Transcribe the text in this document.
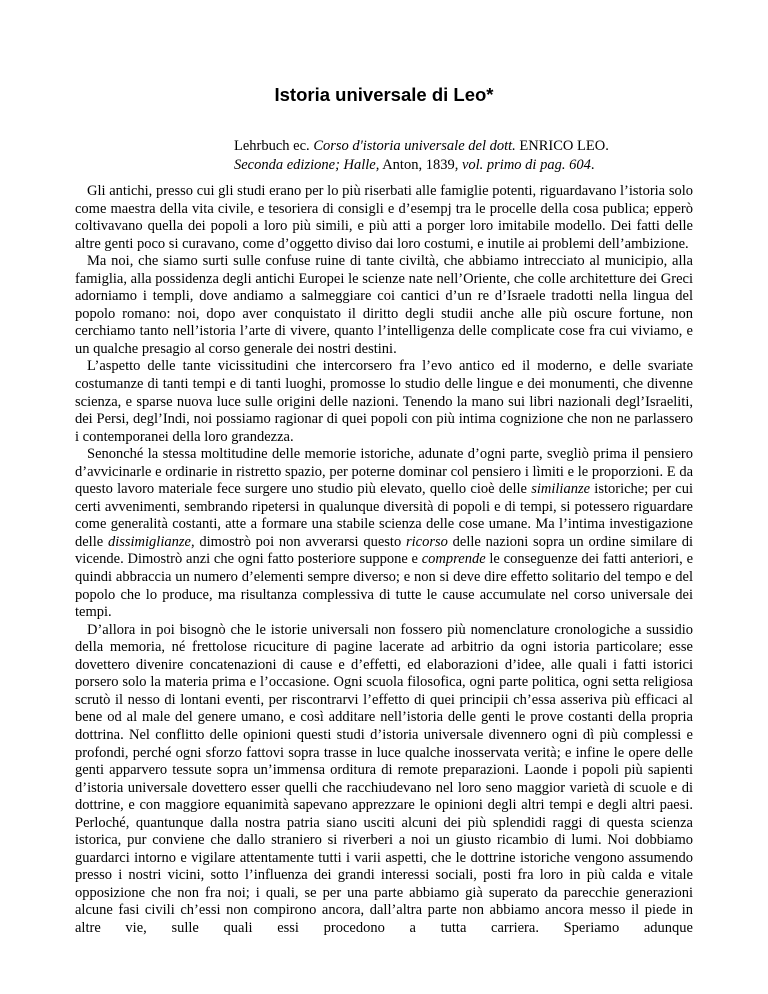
Istoria universale di Leo*
Lehrbuch ec. Corso d'istoria universale del dott. ENRICO LEO.
Seconda edizione; Halle, Anton, 1839, vol. primo di pag. 604.

Gli antichi, presso cui gli studi erano per lo più riserbati alle famiglie potenti, riguardavano l’istoria solo come maestra della vita civile, e tesoriera di consigli e d’esempj tra le procelle della cosa publica; epperò coltivavano quella dei popoli a loro più simili, e più atti a porger loro imitabile modello. Dei fatti delle altre genti poco si curavano, come d’oggetto diviso dai loro costumi, e inutile ai problemi dell’ambizione.

Ma noi, che siamo surti sulle confuse ruine di tante civiltà, che abbiamo intrecciato al municipio, alla famiglia, alla possidenza degli antichi Europei le scienze nate nell’Oriente, che colle architetture dei Greci adorniamo i templi, dove andiamo a salmeggiare coi cantici d’un re d’Israele tradotti nella lingua del popolo romano: noi, dopo aver conquistato il diritto degli studii anche alle più oscure fortune, non cerchiamo tanto nell’istoria l’arte di vivere, quanto l’intelligenza delle complicate cose fra cui viviamo, e un qualche presagio al corso generale dei nostri destini.

L’aspetto delle tante vicissitudini che intercorsero fra l’evo antico ed il moderno, e delle svariate costumanze di tanti tempi e di tanti luoghi, promosse lo studio delle lingue e dei monumenti, che divenne scienza, e sparse nuova luce sulle origini delle nazioni. Tenendo la mano sui libri nazionali degl’Israeliti, dei Persi, degl’Indi, noi possiamo ragionar di quei popoli con più intima cognizione che non ne parlassero i contemporanei della loro grandezza.

Senonché la stessa moltitudine delle memorie istoriche, adunate d’ogni parte, svegliò prima il pensiero d’avvicinarle e ordinarie in ristretto spazio, per poterne dominar col pensiero i lìmiti e le proporzioni. E da questo lavoro materiale fece surgere uno studio più elevato, quello cioè delle similianze istoriche; per cui certi avvenimenti, sembrando ripetersi in qualunque diversità di popoli e di tempi, si potessero riguardare come generalità costanti, atte a formare una stabile scienza delle cose umane. Ma l’intima investigazione delle dissimiglianze, dimostrò poi non avverarsi questo ricorso delle nazioni sopra un ordine similare di vicende. Dimostrò anzi che ogni fatto posteriore suppone e comprende le conseguenze dei fatti anteriori, e quindi abbraccia un numero d’elementi sempre diverso; e non si deve dire effetto solitario del tempo e del popolo che lo produce, ma risultanza complessiva di tutte le cause accumulate nel corso universale dei tempi.

D’allora in poi bisognò che le istorie universali non fossero più nomenclature cronologiche a sussidio della memoria, né frettolose ricuciture di pagine lacerate ad arbitrio da ogni istoria particolare; esse dovettero divenire concatenazioni di cause e d’effetti, ed elaborazioni d’idee, alle quali i fatti istorici porsero solo la materia prima e l’occasione. Ogni scuola filosofica, ogni parte politica, ogni setta religiosa scrutò il nesso di lontani eventi, per riscontrarvi l’effetto di quei principii ch’essa asseriva più efficaci al bene od al male del genere umano, e così additare nell’istoria delle genti le prove costanti della propria dottrina. Nel conflitto delle opinioni questi studi d’istoria universale divennero ogni dì più complessi e profondi, perché ogni sforzo fattovi sopra trasse in luce qualche inosservata verità; e infine le opere delle genti apparvero tessute sopra un’immensa orditura di remote preparazioni. Laonde i popoli più sapienti d’istoria universale dovettero esser quelli che racchiudevano nel loro seno maggior varietà di scuole e di dottrine, e con maggiore equanimità sapevano apprezzare le opinioni degli altri tempi e degli altri paesi. Perloché, quantunque dalla nostra patria siano usciti alcuni dei più splendidi raggi di questa scienza istorica, pur conviene che dallo straniero si riverberi a noi un giusto ricambio di lumi. Noi dobbiamo guardarci intorno e vigilare attentamente tutti i varii aspetti, che le dottrine istoriche vengono assumendo presso i nostri vicini, sotto l’influenza dei grandi interessi sociali, posti fra loro in più calda e vitale opposizione che non fra noi; i quali, se per una parte abbiamo già superato da parecchie generazioni alcune fasi civili ch’essi non compirono ancora, dall’altra parte non abbiamo ancora messo il piede in altre vie, sulle quali essi procedono a tutta carriera. Speriamo adunque
